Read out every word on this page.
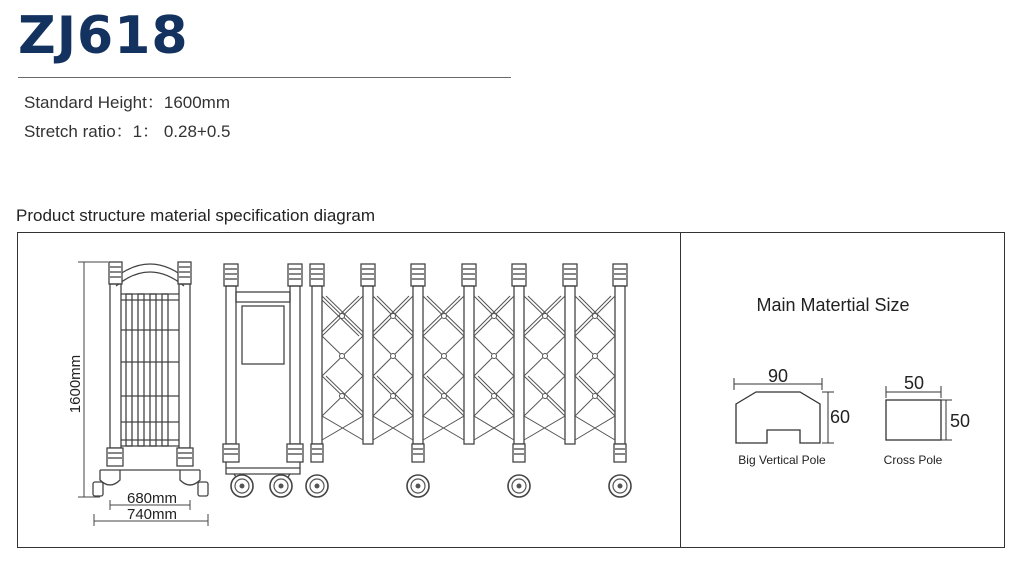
ZJ618
Standard Height：1600mm
Stretch ratio：1： 0.28+0.5
Product structure material specification diagram
1600mm
680mm
740mm
Main Matertial Size
90
60
Big Vertical Pole
50
50
Cross Pole
